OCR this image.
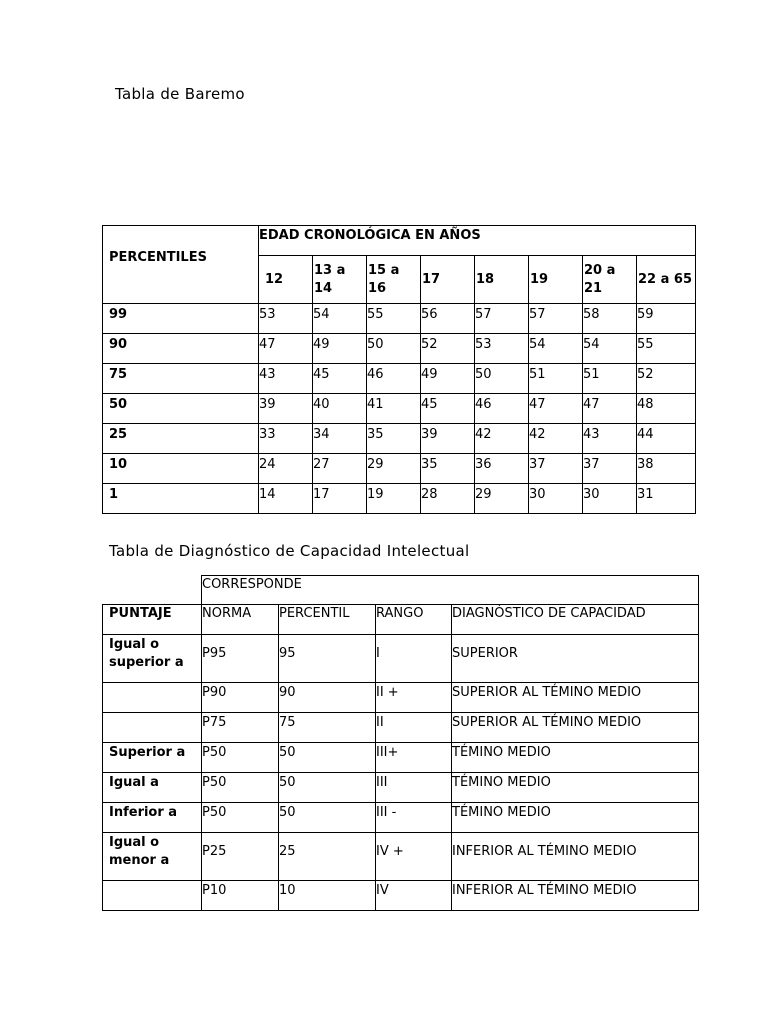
Tabla de Baremo
PERCENTILES	EDAD CRONOLÓGICA EN AÑOS							
	12	13 a 14	15 a 16	17	18	19	20 a 21	22 a 65
99	53	54	55	56	57	57	58	59
90	47	49	50	52	53	54	54	55
75	43	45	46	49	50	51	51	52
50	39	40	41	45	46	47	47	48
25	33	34	35	39	42	42	43	44
10	24	27	29	35	36	37	37	38
1	14	17	19	28	29	30	30	31
Tabla de Diagnóstico de Capacidad Intelectual
	CORRESPONDE			
PUNTAJE	NORMA	PERCENTIL	RANGO	DIAGNÓSTICO DE CAPACIDAD
Igual o superior a	P95	95	I	SUPERIOR
	P90	90	II +	SUPERIOR AL TÉMINO MEDIO
	P75	75	II	SUPERIOR AL TÉMINO MEDIO
Superior a	P50	50	III+	TÉMINO MEDIO
Igual a	P50	50	III	TÉMINO MEDIO
Inferior a	P50	50	III -	TÉMINO MEDIO
Igual o menor a	P25	25	IV +	INFERIOR AL TÉMINO MEDIO
	P10	10	IV	INFERIOR AL TÉMINO MEDIO
